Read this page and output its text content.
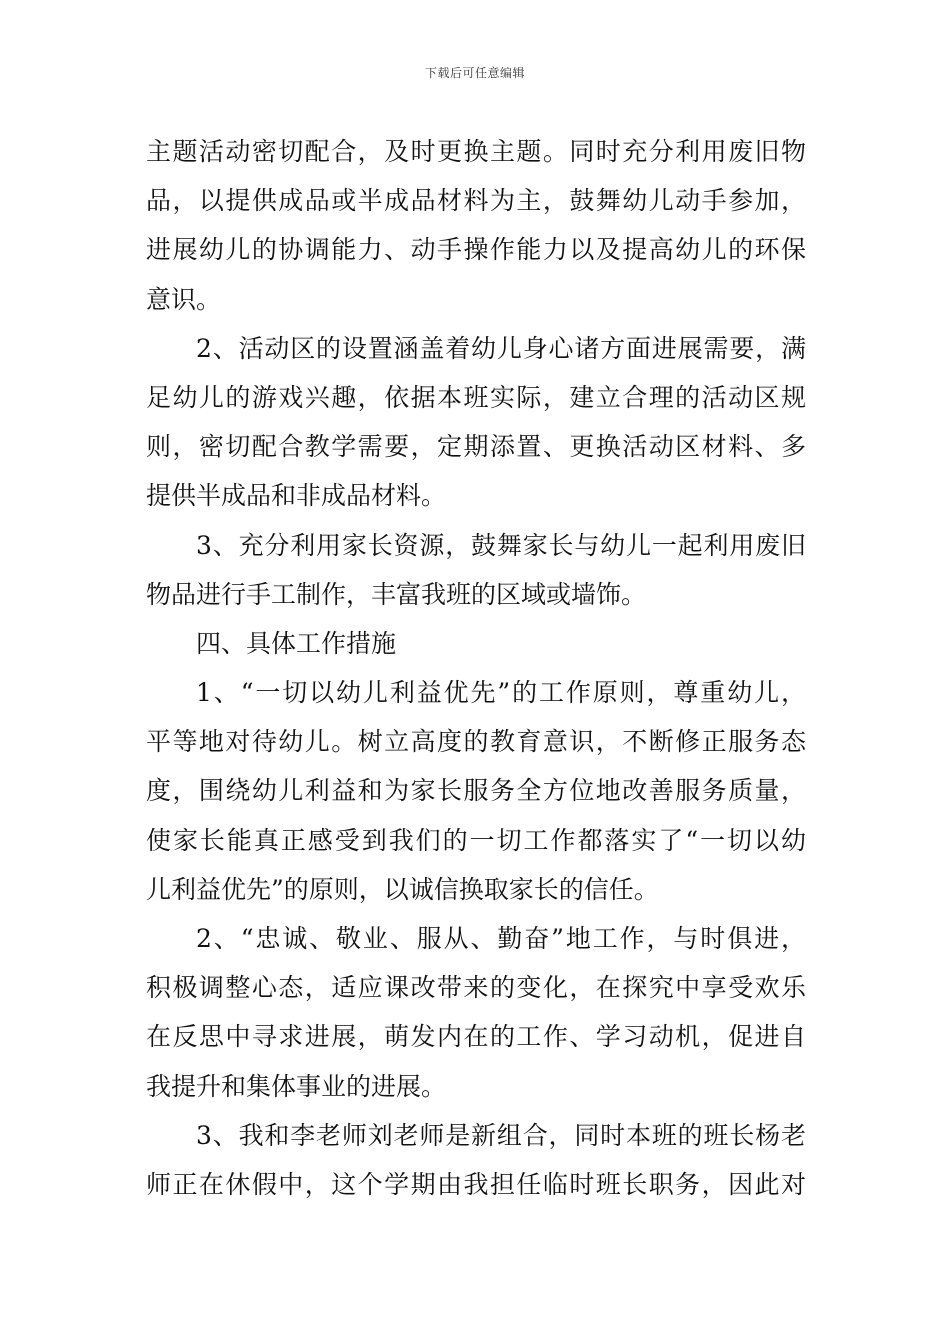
下载后可任意编辑
主题活动密切配合，及时更换主题。同时充分利用废旧物
品，以提供成品或半成品材料为主，鼓舞幼儿动手参加，
进展幼儿的协调能力、动手操作能力以及提高幼儿的环保
意识。
2、活动区的设置涵盖着幼儿身心诸方面进展需要，满
足幼儿的游戏兴趣，依据本班实际，建立合理的活动区规
则，密切配合教学需要，定期添置、更换活动区材料、多
提供半成品和非成品材料。
3、充分利用家长资源，鼓舞家长与幼儿一起利用废旧
物品进行手工制作，丰富我班的区域或墙饰。
四、具体工作措施
1、“一切以幼儿利益优先”的工作原则，尊重幼儿，
平等地对待幼儿。树立高度的教育意识，不断修正服务态
度，围绕幼儿利益和为家长服务全方位地改善服务质量，
使家长能真正感受到我们的一切工作都落实了“一切以幼
儿利益优先”的原则，以诚信换取家长的信任。
2、“忠诚、敬业、服从、勤奋”地工作，与时俱进，
积极调整心态，适应课改带来的变化，在探究中享受欢乐
在反思中寻求进展，萌发内在的工作、学习动机，促进自
我提升和集体事业的进展。
3、我和李老师刘老师是新组合，同时本班的班长杨老
师正在休假中，这个学期由我担任临时班长职务，因此对
